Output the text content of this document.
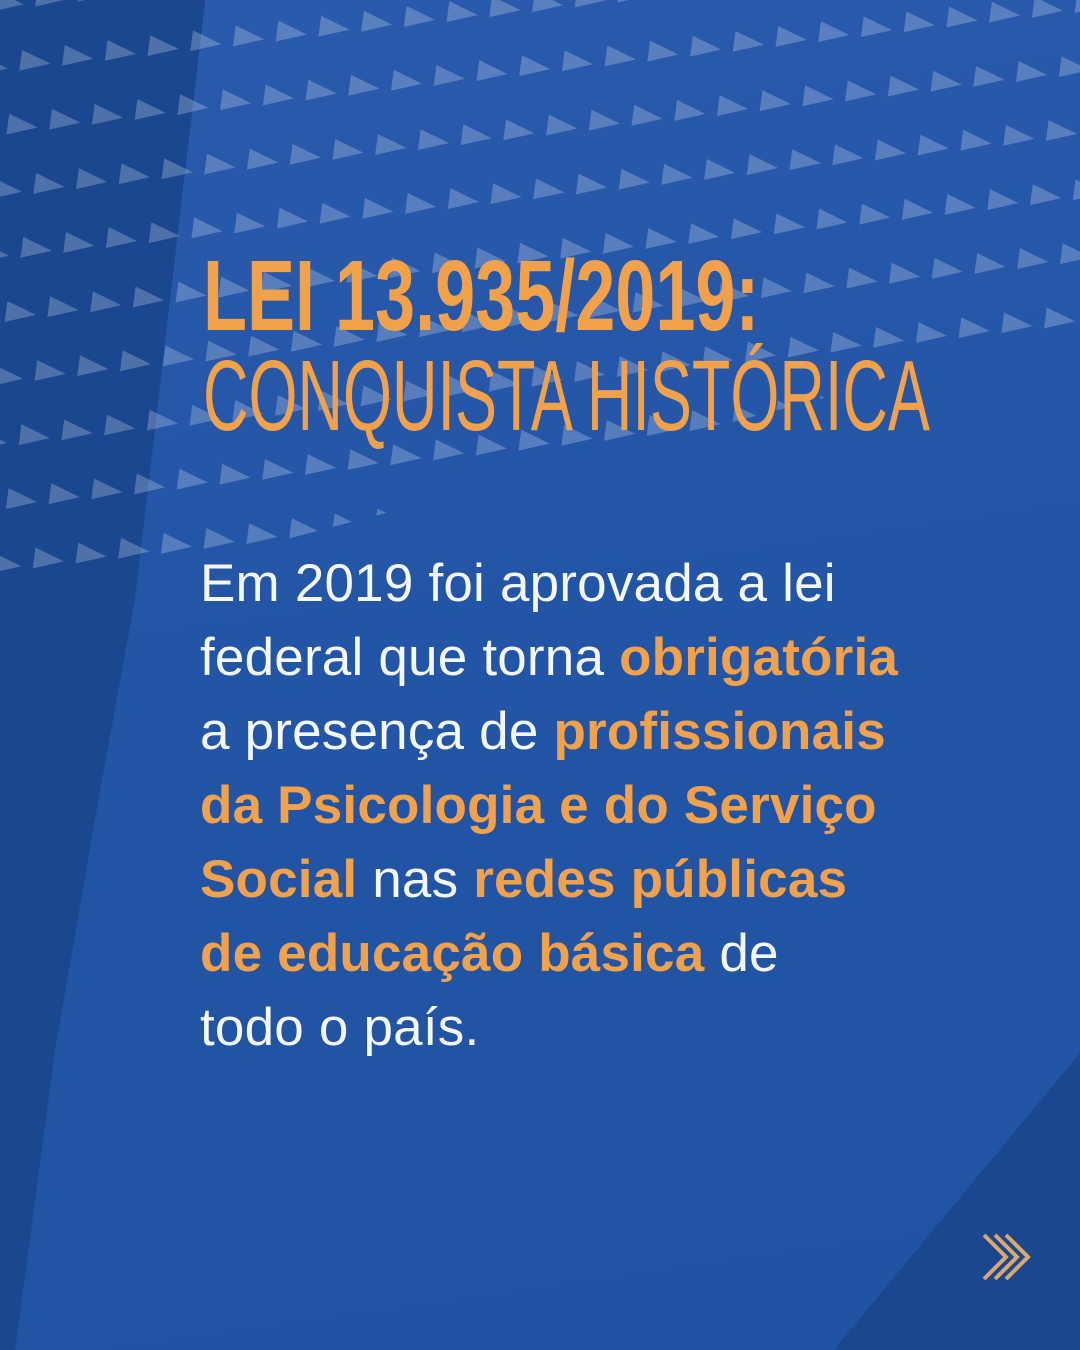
LEI 13.935/2019:
CONQUISTA HISTÓRICA

Em 2019 foi aprovada a lei

federal que torna obrigatória

a presença de profissionais

da Psicologia e do Serviço

Social nas redes públicas

de educação básica de

todo o país.
